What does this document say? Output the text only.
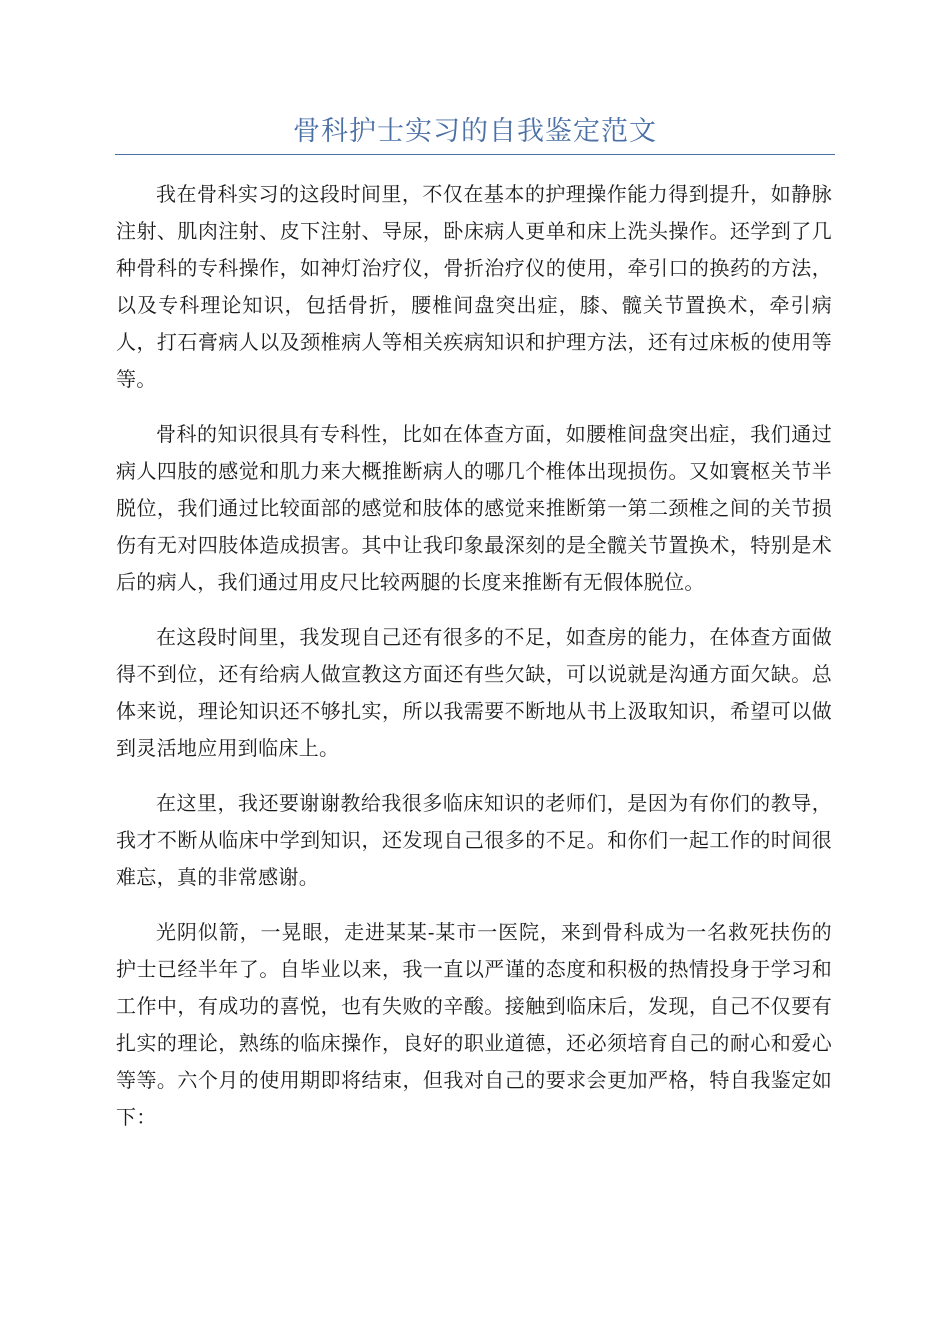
骨科护士实习的自我鉴定范文

我在骨科实习的这段时间里，不仅在基本的护理操作能力得到提升，如静脉注射、肌肉注射、皮下注射、导尿，卧床病人更单和床上洗头操作。还学到了几种骨科的专科操作，如神灯治疗仪，骨折治疗仪的使用，牵引口的换药的方法，以及专科理论知识，包括骨折，腰椎间盘突出症，膝、髋关节置换术，牵引病人，打石膏病人以及颈椎病人等相关疾病知识和护理方法，还有过床板的使用等等。

骨科的知识很具有专科性，比如在体查方面，如腰椎间盘突出症，我们通过病人四肢的感觉和肌力来大概推断病人的哪几个椎体出现损伤。又如寰枢关节半脱位，我们通过比较面部的感觉和肢体的感觉来推断第一第二颈椎之间的关节损伤有无对四肢体造成损害。其中让我印象最深刻的是全髋关节置换术，特别是术后的病人，我们通过用皮尺比较两腿的长度来推断有无假体脱位。

在这段时间里，我发现自己还有很多的不足，如查房的能力，在体查方面做得不到位，还有给病人做宣教这方面还有些欠缺，可以说就是沟通方面欠缺。总体来说，理论知识还不够扎实，所以我需要不断地从书上汲取知识，希望可以做到灵活地应用到临床上。

在这里，我还要谢谢教给我很多临床知识的老师们，是因为有你们的教导，我才不断从临床中学到知识，还发现自己很多的不足。和你们一起工作的时间很难忘，真的非常感谢。

光阴似箭，一晃眼，走进某某-某市一医院，来到骨科成为一名救死扶伤的护士已经半年了。自毕业以来，我一直以严谨的态度和积极的热情投身于学习和工作中，有成功的喜悦，也有失败的辛酸。接触到临床后，发现，自己不仅要有扎实的理论，熟练的临床操作，良好的职业道德，还必须培育自己的耐心和爱心等等。六个月的使用期即将结束，但我对自己的要求会更加严格，特自我鉴定如下：
